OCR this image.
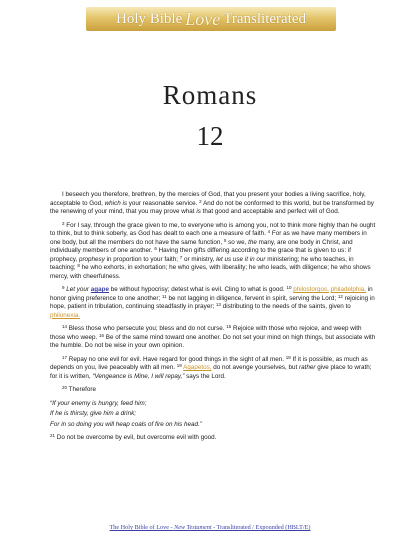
Holy Bible Love Transliterated
Romans
12

I beseech you therefore, brethren, by the mercies of God, that you present your bodies a living sacrifice, holy, acceptable to God, which is your reasonable service. $^2$ And do not be conformed to this world, but be transformed by the renewing of your mind, that you may prove what is that good and acceptable and perfect will of God.

$^3$ For I say, through the grace given to me, to everyone who is among you, not to think more highly than he ought to think, but to think soberly, as God has dealt to each one a measure of faith. $^4$ For as we have many members in one body, but all the members do not have the same function, $^5$ so we, the many, are one body in Christ, and individually members of one another. $^6$ Having then gifts differing according to the grace that is given to us: if prophecy, prophesy in proportion to your faith; $^7$ or ministry, let us use it in our ministering; he who teaches, in teaching; $^8$ he who exhorts, in exhortation; he who gives, with liberality; he who leads, with diligence; he who shows mercy, with cheerfulness.

$^9$ Let your agape be without hypocrisy; detest what is evil. Cling to what is good. $^{10}$ philostorgos, philadelphia, in honor giving preference to one another; $^{11}$ be not lagging in diligence, fervent in spirit, serving the Lord; $^{12}$ rejoicing in hope, patient in tribulation, continuing steadfastly in prayer; $^{13}$ distributing to the needs of the saints, given to philonexia.

$^{14}$ Bless those who persecute you; bless and do not curse. $^{15}$ Rejoice with those who rejoice, and weep with those who weep. $^{16}$ Be of the same mind toward one another. Do not set your mind on high things, but associate with the humble. Do not be wise in your own opinion.

$^{17}$ Repay no one evil for evil. Have regard for good things in the sight of all men. $^{18}$ If it is possible, as much as depends on you, live peaceably with all men. $^{19}$ Agapetos, do not avenge yourselves, but rather give place to wrath; for it is written, “Vengeance is Mine, I will repay,” says the Lord.

$^{20}$ Therefore

“If your enemy is hungry, feed him;

If he is thirsty, give him a drink;

For in so doing you will heap coals of fire on his head.”

$^{21}$ Do not be overcome by evil, but overcome evil with good.

The Holy Bible of Love - New Testament - Transliterated / Expounded (HBLT/E)
